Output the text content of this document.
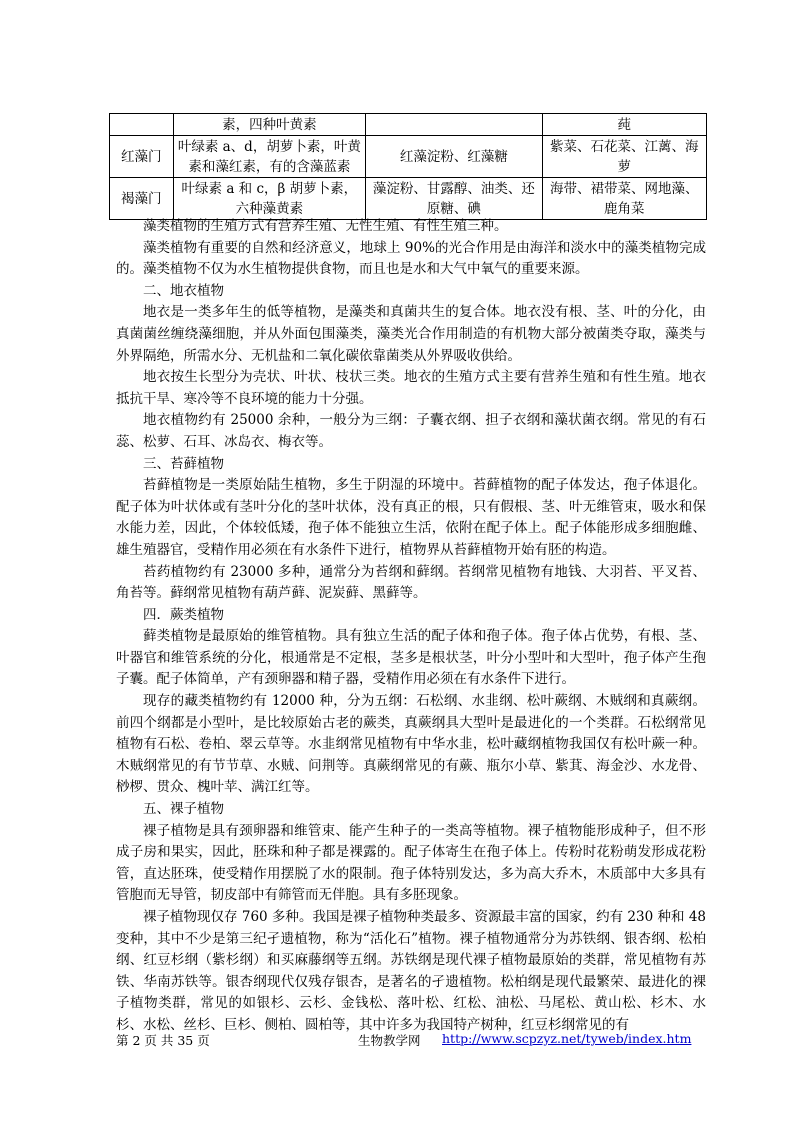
	素，四种叶黄素		莼
红藻门	叶绿素 a、d，胡萝卜素，叶黄素和藻红素，有的含藻蓝素	红藻淀粉、红藻糖	紫菜、石花菜、江蓠、海萝
褐藻门	叶绿素 a 和 c，β 胡萝卜素，六种藻黄素	藻淀粉、甘露醇、油类、还原糖、碘	海带、裙带菜、网地藻、鹿角菜

藻类植物的生殖方式有营养生殖、无性生殖、有性生殖三种。

藻类植物有重要的自然和经济意义，地球上 90%的光合作用是由海洋和淡水中的藻类植物完成的。藻类植物不仅为水生植物提供食物，而且也是水和大气中氧气的重要来源。

二、地衣植物

地衣是一类多年生的低等植物，是藻类和真菌共生的复合体。地衣没有根、茎、叶的分化，由真菌菌丝缠绕藻细胞，并从外面包围藻类，藻类光合作用制造的有机物大部分被菌类夺取，藻类与外界隔绝，所需水分、无机盐和二氧化碳依靠菌类从外界吸收供给。

地衣按生长型分为壳状、叶状、枝状三类。地衣的生殖方式主要有营养生殖和有性生殖。地衣抵抗干旱、寒冷等不良环境的能力十分强。

地衣植物约有 25000 余种，一般分为三纲：子囊衣纲、担子衣纲和藻状菌衣纲。常见的有石蕊、松萝、石耳、冰岛衣、梅衣等。

三、苔藓植物

苔藓植物是一类原始陆生植物，多生于阴湿的环境中。苔藓植物的配子体发达，孢子体退化。配子体为叶状体或有茎叶分化的茎叶状体，没有真正的根，只有假根、茎、叶无维管束，吸水和保水能力差，因此，个体较低矮，孢子体不能独立生活，依附在配子体上。配子体能形成多细胞雌、雄生殖器官，受精作用必须在有水条件下进行，植物界从苔藓植物开始有胚的构造。

苔药植物约有 23000 多种，通常分为苔纲和藓纲。苔纲常见植物有地钱、大羽苔、平叉苔、角苔等。藓纲常见植物有葫芦藓、泥炭藓、黑藓等。

四．蕨类植物

藓类植物是最原始的维管植物。具有独立生活的配子体和孢子体。孢子体占优势，有根、茎、叶器官和维管系统的分化，根通常是不定根，茎多是根状茎，叶分小型叶和大型叶，孢子体产生孢子囊。配子体简单，产有颈卵器和精子器，受精作用必须在有水条件下进行。

现存的藏类植物约有 12000 种，分为五纲：石松纲、水韭纲、松叶蕨纲、木贼纲和真蕨纲。前四个纲都是小型叶，是比较原始古老的蕨类，真蕨纲具大型叶是最进化的一个类群。石松纲常见植物有石松、卷柏、翠云草等。水韭纲常见植物有中华水韭，松叶藏纲植物我国仅有松叶蕨一种。木贼纲常见的有节节草、水贼、问荆等。真蕨纲常见的有蕨、瓶尔小草、紫萁、海金沙、水龙骨、桫椤、贯众、槐叶苹、满江红等。

五、裸子植物

裸子植物是具有颈卵器和维管束、能产生种子的一类高等植物。裸子植物能形成种子，但不形成子房和果实，因此，胚珠和种子都是裸露的。配子体寄生在孢子体上。传粉时花粉萌发形成花粉管，直达胚珠，使受精作用摆脱了水的限制。孢子体特别发达，多为高大乔木，木质部中大多具有管胞而无导管，韧皮部中有筛管而无伴胞。具有多胚现象。

裸子植物现仅存 760 多种。我国是裸子植物种类最多、资源最丰富的国家，约有 230 种和 48 变种，其中不少是第三纪孑遗植物，称为“活化石”植物。裸子植物通常分为苏铁纲、银杏纲、松柏纲、红豆杉纲（紫杉纲）和买麻藤纲等五纲。苏铁纲是现代裸子植物最原始的类群，常见植物有苏铁、华南苏铁等。银杏纲现代仅残存银杏，是著名的孑遗植物。松柏纲是现代最繁荣、最进化的裸子植物类群，常见的如银杉、云杉、金钱松、落叶松、红松、油松、马尾松、黄山松、杉木、水杉、水松、丝杉、巨杉、侧柏、圆柏等，其中许多为我国特产树种，红豆杉纲常见的有

第 2 页 共 35 页	生物教学网 http://www.scpzyz.net/tyweb/index.htm
